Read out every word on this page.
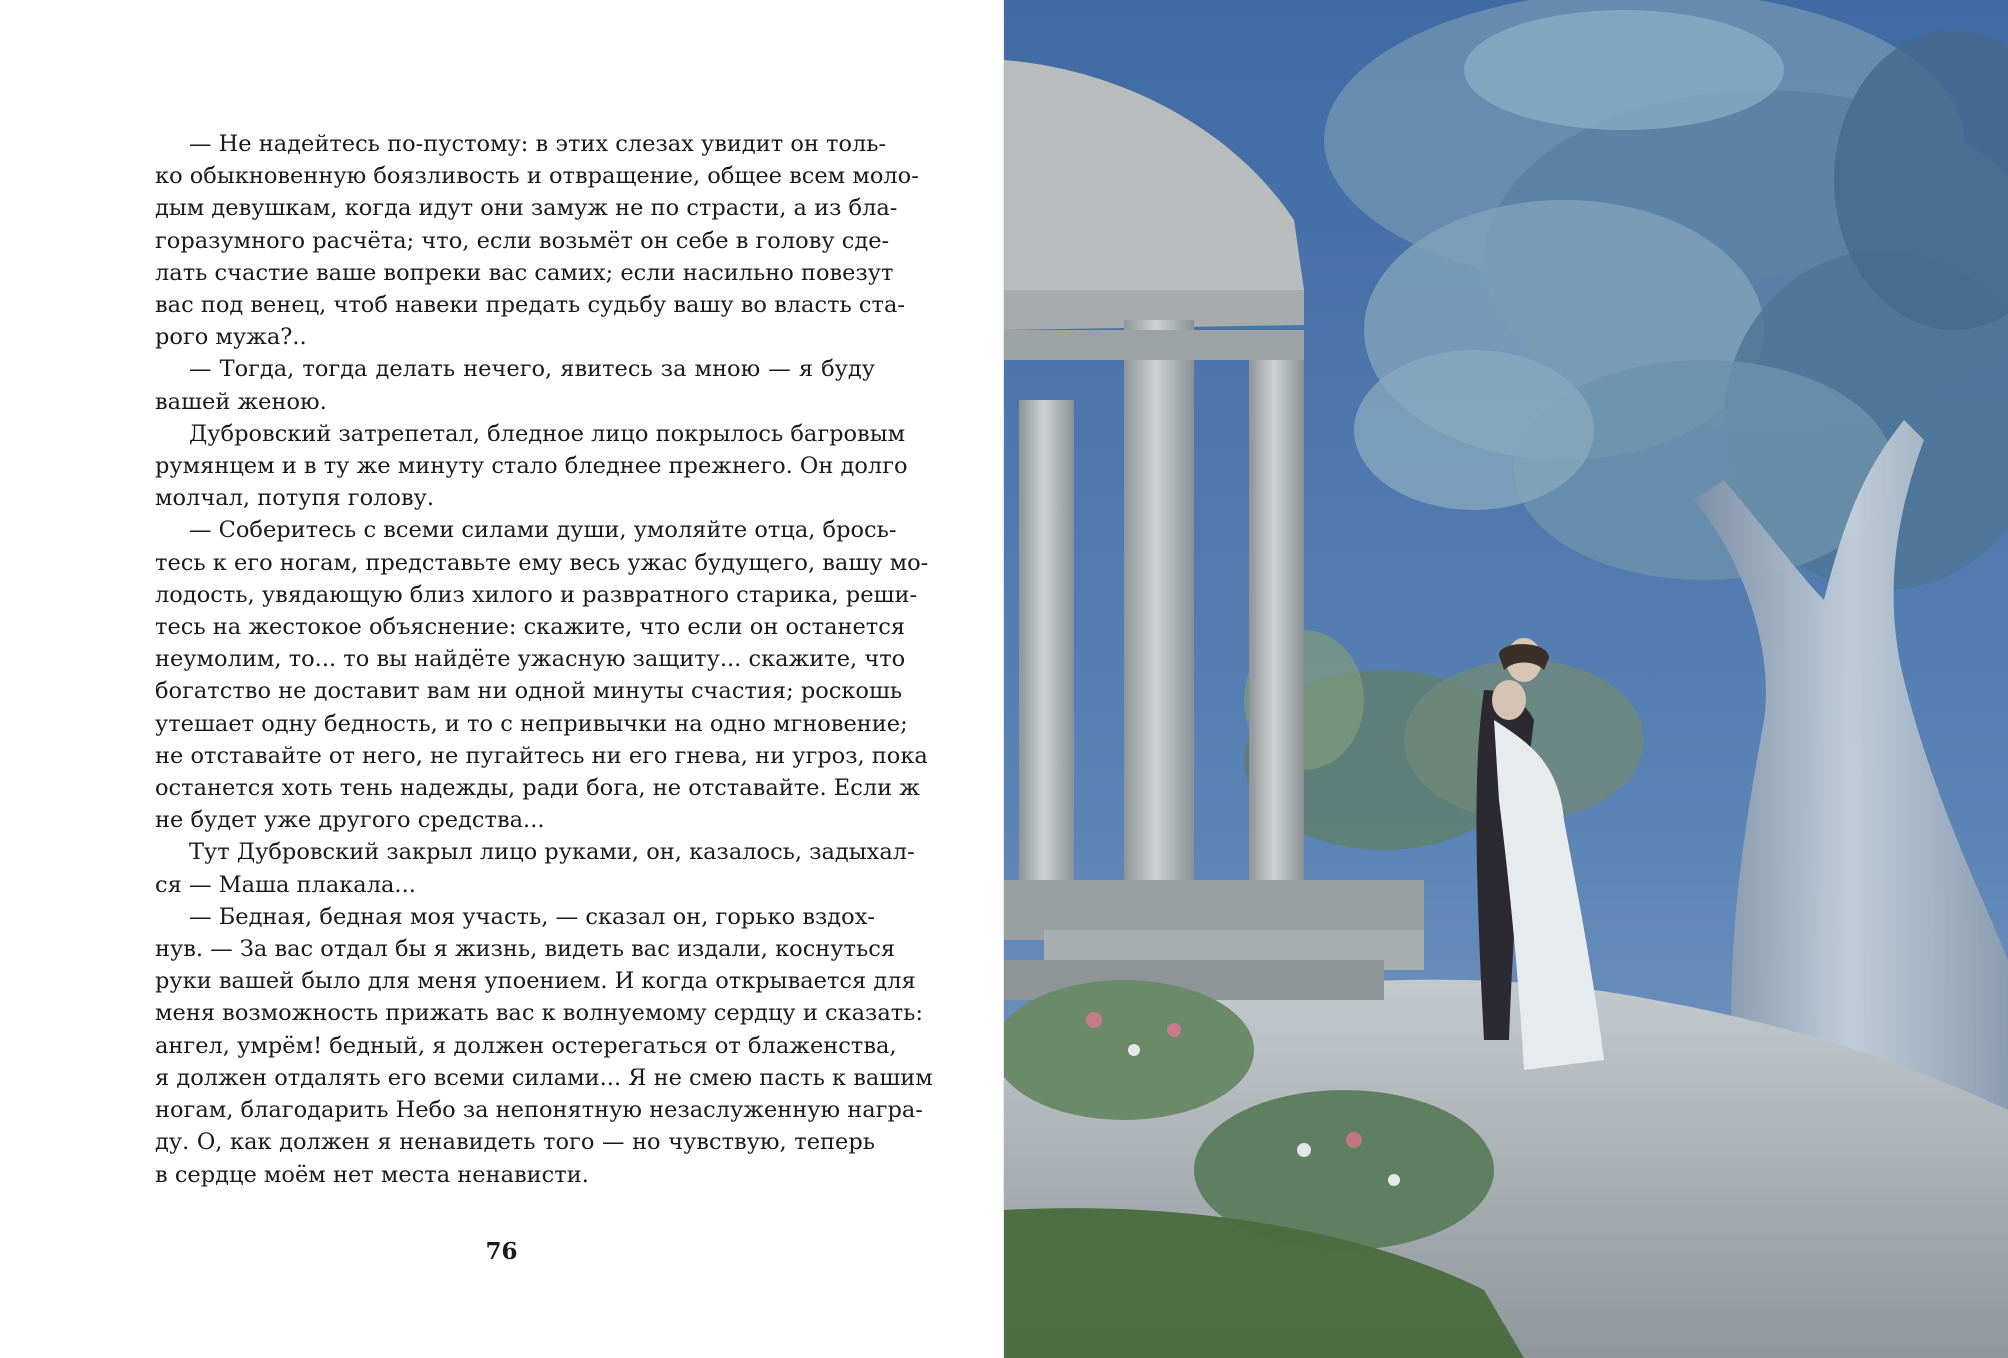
— Не надейтесь по-пустому: в этих слезах увидит он толь-
ко обыкновенную боязливость и отвращение, общее всем моло-
дым девушкам, когда идут они замуж не по страсти, а из бла-
горазумного расчёта; что, если возьмёт он себе в голову сде-
лать счастие ваше вопреки вас самих; если насильно повезут
вас под венец, чтоб навеки предать судьбу вашу во власть ста-
рого мужа?..
— Тогда, тогда делать нечего, явитесь за мною — я буду
вашей женою.
Дубровский затрепетал, бледное лицо покрылось багровым
румянцем и в ту же минуту стало бледнее прежнего. Он долго
молчал, потупя голову.
— Соберитесь с всеми силами души, умоляйте отца, брось-
тесь к его ногам, представьте ему весь ужас будущего, вашу мо-
лодость, увядающую близ хилого и развратного старика, реши-
тесь на жестокое объяснение: скажите, что если он останется
неумолим, то... то вы найдёте ужасную защиту... скажите, что
богатство не доставит вам ни одной минуты счастия; роскошь
утешает одну бедность, и то с непривычки на одно мгновение;
не отставайте от него, не пугайтесь ни его гнева, ни угроз, пока
останется хоть тень надежды, ради бога, не отставайте. Если ж
не будет уже другого средства...
Тут Дубровский закрыл лицо руками, он, казалось, задыхал-
ся — Маша плакала...
— Бедная, бедная моя участь, — сказал он, горько вздох-
нув. — За вас отдал бы я жизнь, видеть вас издали, коснуться
руки вашей было для меня упоением. И когда открывается для
меня возможность прижать вас к волнуемому сердцу и сказать:
ангел, умрём! бедный, я должен остерегаться от блаженства,
я должен отдалять его всеми силами... Я не смею пасть к вашим
ногам, благодарить Небо за непонятную незаслуженную награ-
ду. О, как должен я ненавидеть того — но чувствую, теперь
в сердце моём нет места ненависти.
76
